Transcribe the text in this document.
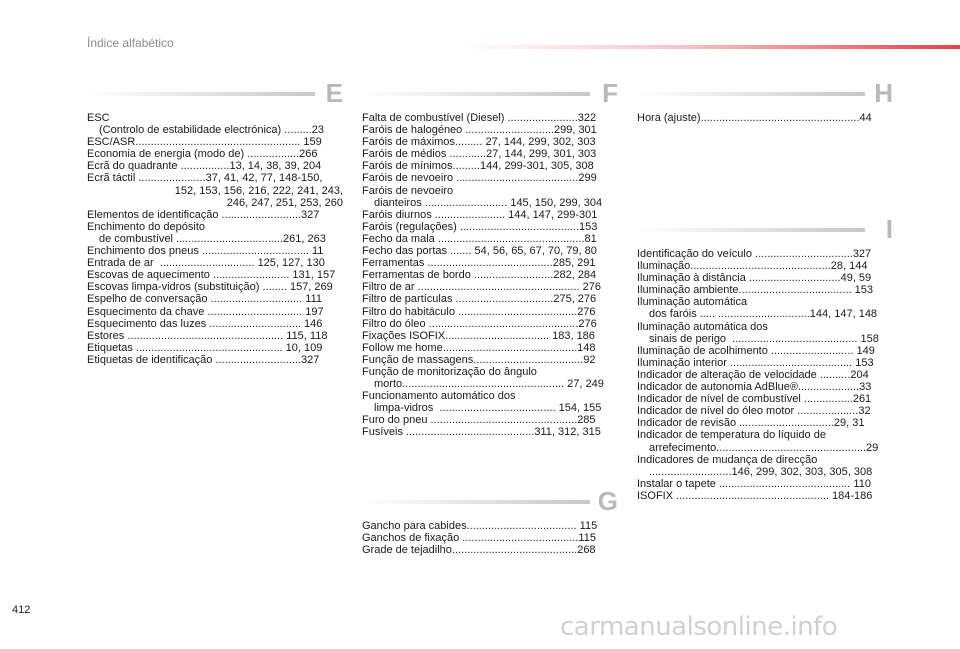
Índice alfabético
E
ESC
(Controlo de estabilidade electrónica) .........23
ESC/ASR...................................................... 159
Economia de energia (modo de) .................266
Ecrã do quadrante ................13, 14, 38, 39, 204
Ecrã táctil ......................37, 41, 42, 77, 148-150,
152, 153, 156, 216, 222, 241, 243,
246, 247, 251, 253, 260
Elementos de identificação ..........................327
Enchimento do depósito
de combustível ...................................261, 263
Enchimento dos pneus ................................... 11
Entrada de ar  ............................... 125, 127, 130
Escovas de aquecimento ......................... 131, 157
Escovas limpa-vidros (substituição) ........ 157, 269
Espelho de conversação .............................. 111
Esquecimento da chave ............................... 197
Esquecimento das luzes .............................. 146
Estores ................................................... 115, 118
Etiquetas ................................................ 10, 109
Etiquetas de identificação ............................327
F
Falta de combustível (Diesel) .......................322
Faróis de halogéneo .............................299, 301
Faróis de máximos......... 27, 144, 299, 302, 303
Faróis de médios ............27, 144, 299, 301, 303
Faróis de mínimos.........144, 299-301, 305, 308
Faróis de nevoeiro ........................................299
Faróis de nevoeiro
dianteiros ........................... 145, 150, 299, 304
Faróis diurnos ....................... 144, 147, 299-301
Faróis (regulações) .......................................153
Fecho da mala ................................................81
Fecho das portas ....... 54, 56, 65, 67, 70, 79, 80
Ferramentas .........................................285, 291
Ferramentas de bordo ..........................282, 284
Filtro de ar ..................................................... 276
Filtro de partículas ................................275, 276
Filtro do habitáculo .......................................276
Filtro do óleo .................................................276
Fixações ISOFIX.................................. 183, 186
Follow me home............................................148
Função de massagens....................................92
Função de monitorização do ângulo
morto..................................................... 27, 249
Funcionamento automático dos
limpa-vidros  ...................................... 154, 155
Furo do pneu ................................................285
Fusíveis ..........................................311, 312, 315
G
Gancho para cabides.................................... 115
Ganchos de fixação ......................................115
Grade de tejadilho.........................................268
H
Hora (ajuste)....................................................44
I
Identificação do veículo ................................327
Iluminação..............................................28, 144
Iluminação à distância ..............................49, 59
Iluminação ambiente..................................... 153
Iluminação automática
dos faróis ..... ..............................144, 147, 148
Iluminação automática dos
sinais de perigo  ......................................... 158
Iluminação de acolhimento ........................... 149
Iluminação interior ........................................ 153
Indicador de alteração de velocidade ..........204
Indicador de autonomia AdBlue®....................33
Indicador de nível de combustível ................261
Indicador de nível do óleo motor ....................32
Indicador de revisão ...............................29, 31
Indicador de temperatura do líquido de
arrefecimento.................................................29
Indicadores de mudança de direcção
...........................146, 299, 302, 303, 305, 308
Instalar o tapete ........................................... 110
ISOFIX .................................................. 184-186
412
carmanualsonline.info
